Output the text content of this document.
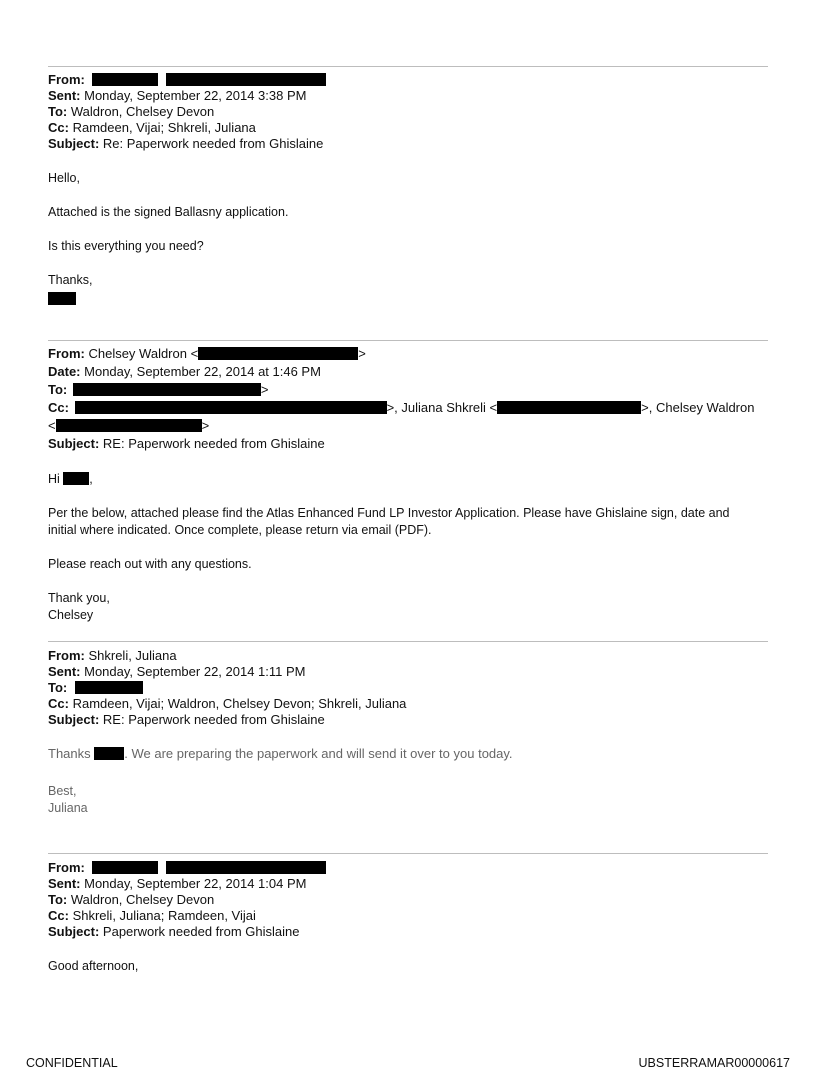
From:
Sent: Monday, September 22, 2014 3:38 PM
To: Waldron, Chelsey Devon
Cc: Ramdeen, Vijai; Shkreli, Juliana
Subject: Re: Paperwork needed from Ghislaine
Hello,
Attached is the signed Ballasny application.
Is this everything you need?
Thanks,
From: Chelsey Waldron <	>
Date: Monday, September 22, 2014 at 1:46 PM
To:	>
Cc:	>, Juliana Shkreli <	>, Chelsey Waldron
<	>
Subject: RE: Paperwork needed from Ghislaine
Hi ,
Per the below, attached please find the Atlas Enhanced Fund LP Investor Application. Please have Ghislaine sign, date and
initial where indicated. Once complete, please return via email (PDF).
Please reach out with any questions.
Thank you,
Chelsey
From: Shkreli, Juliana
Sent: Monday, September 22, 2014 1:11 PM
To:
Cc: Ramdeen, Vijai; Waldron, Chelsey Devon; Shkreli, Juliana
Subject: RE: Paperwork needed from Ghislaine
Thanks . We are preparing the paperwork and will send it over to you today.
Best,
Juliana
From:
Sent: Monday, September 22, 2014 1:04 PM
To: Waldron, Chelsey Devon
Cc: Shkreli, Juliana; Ramdeen, Vijai
Subject: Paperwork needed from Ghislaine
Good afternoon,
CONFIDENTIAL	UBSTERRAMAR00000617
